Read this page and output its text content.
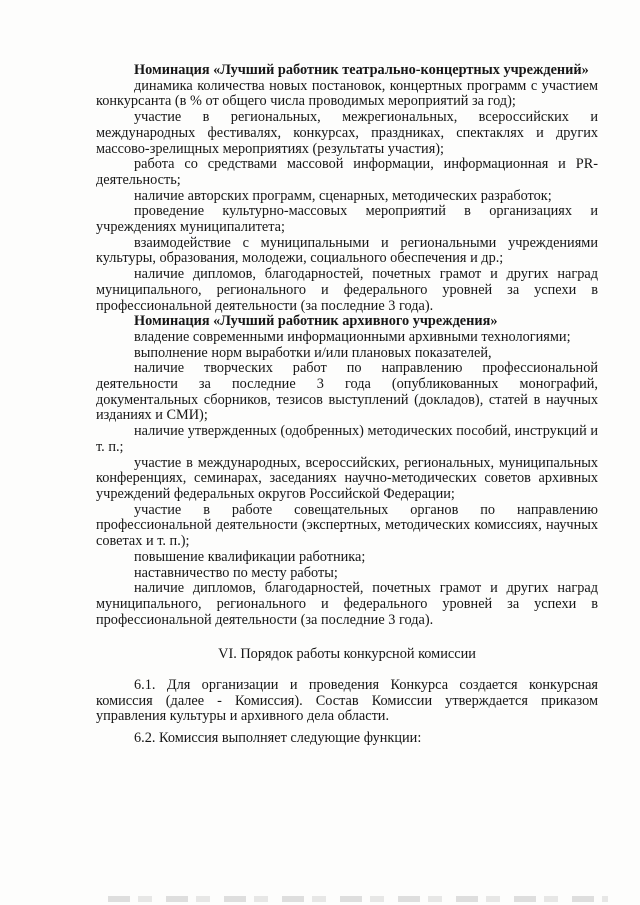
Номинация «Лучший работник театрально-концертных учреждений»

динамика количества новых постановок, концертных программ с участием конкурсанта (в % от общего числа проводимых мероприятий за год);

участие в региональных, межрегиональных, всероссийских и международных фестивалях, конкурсах, праздниках, спектаклях и других массово-зрелищных мероприятиях (результаты участия);

работа со средствами массовой информации, информационная и PR-деятельность;

наличие авторских программ, сценарных, методических разработок;

проведение культурно-массовых мероприятий в организациях и учреждениях муниципалитета;

взаимодействие с муниципальными и региональными учреждениями культуры, образования, молодежи, социального обеспечения и др.;

наличие дипломов, благодарностей, почетных грамот и других наград муниципального, регионального и федерального уровней за успехи в профессиональной деятельности (за последние 3 года).

Номинация «Лучший работник архивного учреждения»

владение современными информационными архивными технологиями;

выполнение норм выработки и/или плановых показателей,

наличие творческих работ по направлению профессиональной деятельности за последние 3 года (опубликованных монографий, документальных сборников, тезисов выступлений (докладов), статей в научных изданиях и СМИ);

наличие утвержденных (одобренных) методических пособий, инструкций и т. п.;

участие в международных, всероссийских, региональных, муниципальных конференциях, семинарах, заседаниях научно-методических советов архивных учреждений федеральных округов Российской Федерации;

участие в работе совещательных органов по направлению профессиональной деятельности (экспертных, методических комиссиях, научных советах и т. п.);

повышение квалификации работника;

наставничество по месту работы;

наличие дипломов, благодарностей, почетных грамот и других наград муниципального, регионального и федерального уровней за успехи в профессиональной деятельности (за последние 3 года).

VI. Порядок работы конкурсной комиссии

6.1. Для организации и проведения Конкурса создается конкурсная комиссия (далее - Комиссия). Состав Комиссии утверждается приказом управления культуры и архивного дела области.

6.2. Комиссия выполняет следующие функции:
